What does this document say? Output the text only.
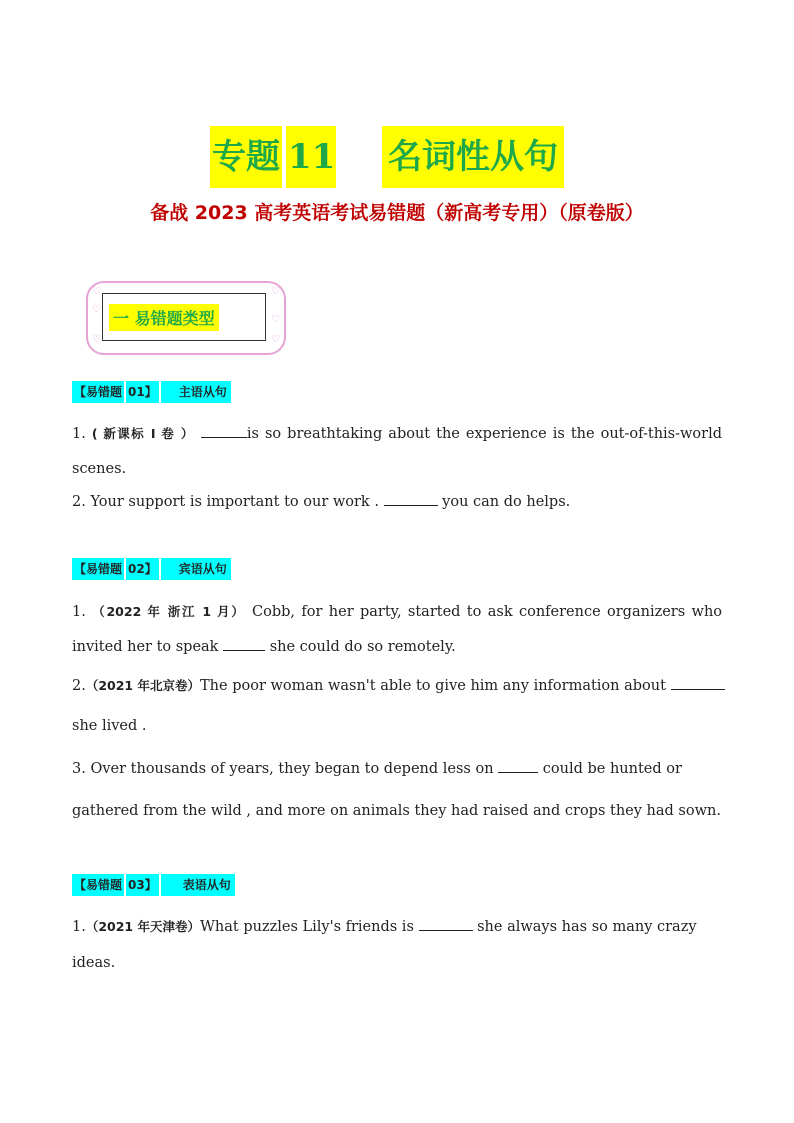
专题 11 名词性从句
备战 2023 高考英语考试易错题（新高考专用）（原卷版）
♡
♡
♡
♡
♡
♡
一 易错题类型
【易错题 01】	主语从句
1. ( 新课标 I 卷 ）	is so breathtaking about the experience is the out-of-this-world
scenes.
2. Your support is important to our work .	you can do helps.
【易错题 02】	宾语从句
1. （2022 年 浙江 1 月） Cobb, for her party, started to ask conference organizers who
invited her to speak	she could do so remotely.
2.（2021 年北京卷）The poor woman wasn't able to give him any information about
she lived .
3. Over thousands of years, they began to depend less on	could be hunted or
gathered from the wild , and more on animals they had raised and crops they had sown.
【易错题 03】	表语从句
1.（2021 年天津卷）What puzzles Lily's friends is	she always has so many crazy
ideas.
